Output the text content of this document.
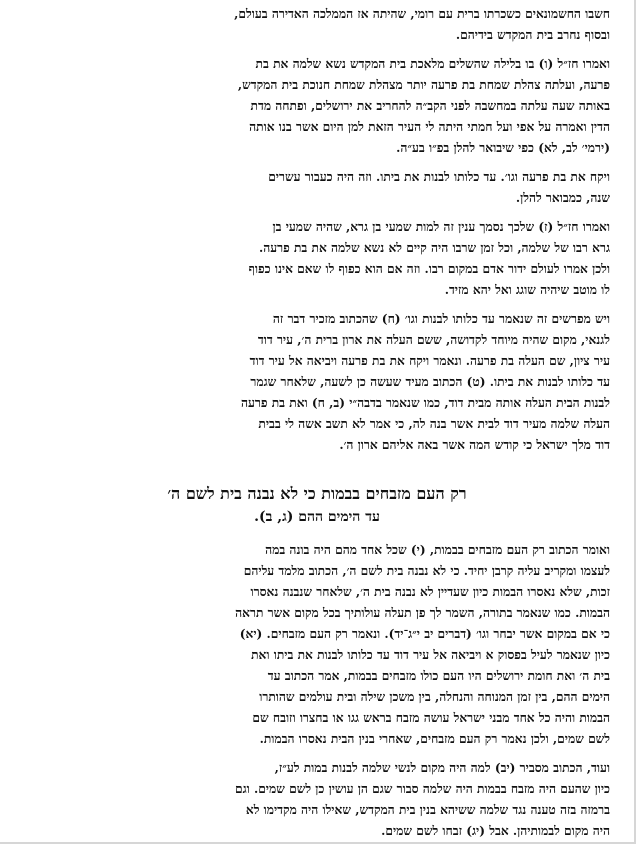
חשבו החשמונאים כשכרתו ברית עם רומי, שהיתה אז הממלכה האדירה בעולם,
ובסוף נחרב בית המקדש בידיהם.
ואמרו חז״ל (ו) בו בלילה שהשלים מלאכת בית המקדש נשא שלמה את בת
פרעה, ועלתה צהלת שמחת בת פרעה יותר מצהלת שמחת חנוכת בית המקדש,
באותה שעה עלתה במחשבה לפני הקב״ה להחריב את ירושלים, ופתחה מדת
הדין ואמרה על אפי ועל חמתי היתה לי העיר הזאת למן היום אשר בנו אותה
(ירמי׳ לב, לא) כפי שיבואר להלן בפ״ו בע״ה.
ויקח את בת פרעה וגו׳. עד כלותו לבנות את ביתו. וזה היה כעבור עשרים
שנה, כמבואר להלן.
ואמרו חז״ל (ז) שלכך נסמך ענין זה למות שמעי בן גרא, שהיה שמעי בן
גרא רבו של שלמה, וכל זמן שרבו היה קיים לא נשא שלמה את בת פרעה.
ולכן אמרו לעולם ידור אדם במקום רבו. וזה אם הוא כפוף לו שאם אינו כפוף
לו מוטב שיהיה שוגג ואל יהא מזיד.
ויש מפרשים זה שנאמר עד כלותו לבנות וגו׳ (ח) שהכתוב מזכיר דבר זה
לגנאי, מקום שהיה מיוחד לקדושה, ששם העלה את ארון ברית ה׳, עיר דוד
עיר ציון, שם העלה בת פרעה. ונאמר ויקח את בת פרעה ויביאה אל עיר דוד
עד כלותו לבנות את ביתו. (ט) הכתוב מעיד שעשה כן לשעה, שלאחר שגמר
לבנות הבית העלה אותה מבית דוד, כמו שנאמר בדבה״י (ב, ח) ואת בת פרעה
העלה שלמה מעיר דוד לבית אשר בנה לה, כי אמר לא תשב אשה לי בבית
דוד מלך ישראל כי קודש המה אשר באה אליהם ארון ה׳.
רק העם מזבחים בבמות כי לא נבנה בית לשם ה׳
עד הימים ההם (ג, ב).
ואומר הכתוב רק העם מזבחים בבמות, (י) שכל אחד מהם היה בונה במה
לעצמו ומקריב עליה קרבן יחיד. כי לא נבנה בית לשם ה׳, הכתוב מלמד עליהם
זכות, שלא נאסרו הבמות כיון שעדיין לא נבנה בית ה׳, שלאחר שנבנה נאסרו
הבמות. כמו שנאמר בתורה, השמר לך פן תעלה עולותיך בכל מקום אשר תראה
כי אם במקום אשר יבחר וגו׳ (דברים יב י״ג־יד). ונאמר רק העם מזבחים. (יא)
כיון שנאמר לעיל בפסוק א ויביאה אל עיר דוד עד כלותו לבנות את ביתו ואת
בית ה׳ ואת חומת ירושלים היו העם כולו מזבחים בבמות, אמר הכתוב עד
הימים ההם, בין זמן המנוחה והנחלה, בין משכן שילה ובית עולמים שהותרו
הבמות והיה כל אחד מבני ישראל עושה מזבח בראש גגו או בחצרו וזובח שם
לשם שמים, ולכן נאמר רק העם מזבחים, שאחרי בנין הבית נאסרו הבמות.
ועוד, הכתוב מסביר (יב) למה היה מקום לנשי שלמה לבנות במות לע״ז,
כיון שהעם היה מזבח בבמות היה שלמה סבור שגם הן עושין כן לשם שמים. וגם
ברמזה בזה טענה נגד שלמה ששיהא בנין בית המקדש, שאילו היה מקדימו לא
היה מקום לבמותיהן. אבל (יג) זבחו לשם שמים.
